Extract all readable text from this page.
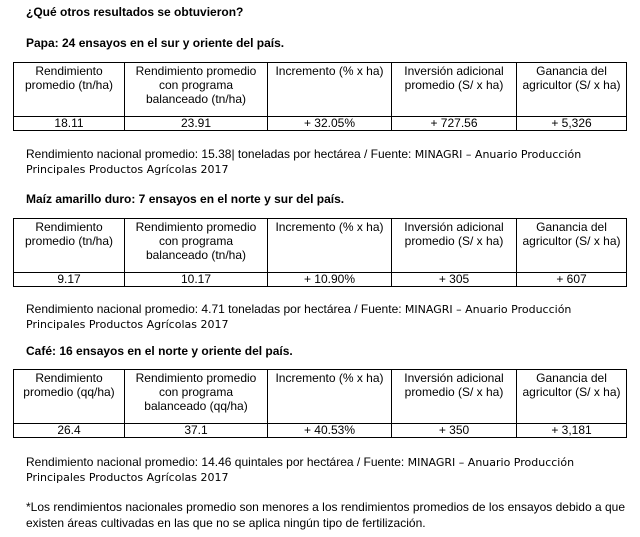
¿Qué otros resultados se obtuvieron?
Papa: 24 ensayos en el sur y oriente del país.
Rendimiento promedio (tn/ha)	Rendimiento promedio con programa balanceado (tn/ha)	Incremento (% x ha)	Inversión adicional promedio (S/ x ha)	Ganancia del agricultor (S/ x ha)
18.11	23.91	+ 32.05%	+ 727.56	+ 5,326
Rendimiento nacional promedio: 15.38| toneladas por hectárea / Fuente: MINAGRI – Anuario Producción Principales Productos Agrícolas 2017
Maíz amarillo duro: 7 ensayos en el norte y sur del país.
Rendimiento promedio (tn/ha)	Rendimiento promedio con programa balanceado (tn/ha)	Incremento (% x ha)	Inversión adicional promedio (S/ x ha)	Ganancia del agricultor (S/ x ha)
9.17	10.17	+ 10.90%	+ 305	+ 607
Rendimiento nacional promedio: 4.71 toneladas por hectárea / Fuente: MINAGRI – Anuario Producción Principales Productos Agrícolas 2017
Café: 16 ensayos en el norte y oriente del país.
Rendimiento promedio (qq/ha)	Rendimiento promedio con programa balanceado (qq/ha)	Incremento (% x ha)	Inversión adicional promedio (S/ x ha)	Ganancia del agricultor (S/ x ha)
26.4	37.1	+ 40.53%	+ 350	+ 3,181
Rendimiento nacional promedio: 14.46 quintales por hectárea / Fuente: MINAGRI – Anuario Producción Principales Productos Agrícolas 2017
*Los rendimientos nacionales promedio son menores a los rendimientos promedios de los ensayos debido a que existen áreas cultivadas en las que no se aplica ningún tipo de fertilización.
